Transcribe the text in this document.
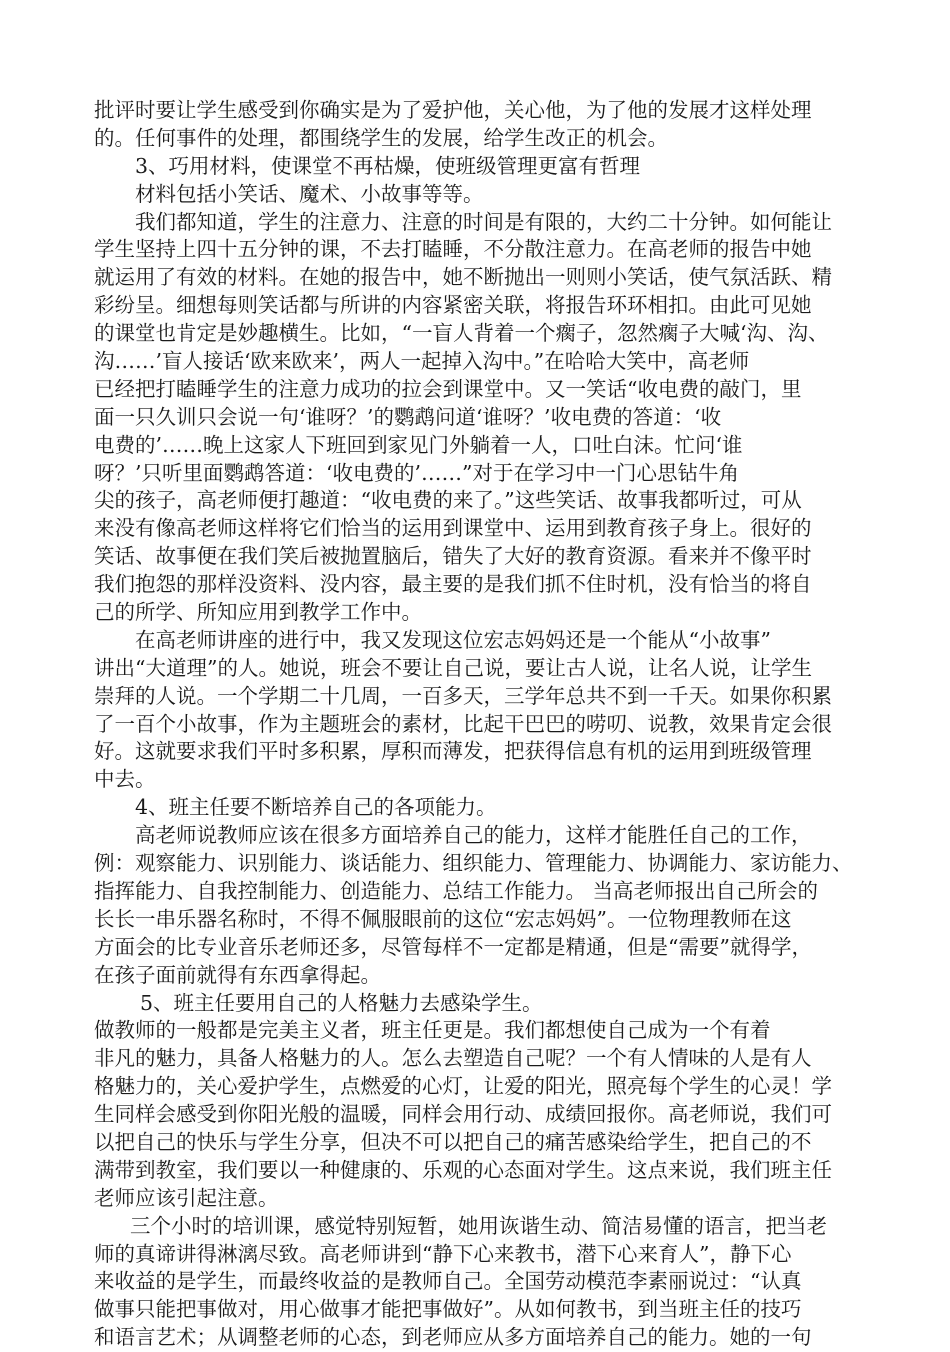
批评时要让学生感受到你确实是为了爱护他，关心他，为了他的发展才这样处理
的。任何事件的处理，都围绕学生的发展，给学生改正的机会。
3、巧用材料，使课堂不再枯燥，使班级管理更富有哲理
材料包括小笑话、魔术、小故事等等。
我们都知道，学生的注意力、注意的时间是有限的，大约二十分钟。如何能让
学生坚持上四十五分钟的课，不去打瞌睡，不分散注意力。在高老师的报告中她
就运用了有效的材料。在她的报告中，她不断抛出一则则小笑话，使气氛活跃、精
彩纷呈。细想每则笑话都与所讲的内容紧密关联，将报告环环相扣。由此可见她
的课堂也肯定是妙趣横生。比如，“一盲人背着一个瘸子，忽然瘸子大喊‘沟、沟、
沟……’盲人接话‘欧来欧来’，两人一起掉入沟中。”在哈哈大笑中，高老师
已经把打瞌睡学生的注意力成功的拉会到课堂中。又一笑话“收电费的敲门，里
面一只久训只会说一句‘谁呀？’的鹦鹉问道‘谁呀？’收电费的答道：‘收
电费的’……晚上这家人下班回到家见门外躺着一人，口吐白沫。忙问‘谁
呀？’只听里面鹦鹉答道：‘收电费的’……”对于在学习中一门心思钻牛角
尖的孩子，高老师便打趣道：“收电费的来了。”这些笑话、故事我都听过，可从
来没有像高老师这样将它们恰当的运用到课堂中、运用到教育孩子身上。很好的
笑话、故事便在我们笑后被抛置脑后，错失了大好的教育资源。看来并不像平时
我们抱怨的那样没资料、没内容，最主要的是我们抓不住时机，没有恰当的将自
己的所学、所知应用到教学工作中。
在高老师讲座的进行中，我又发现这位宏志妈妈还是一个能从“小故事”
讲出“大道理”的人。她说，班会不要让自己说，要让古人说，让名人说，让学生
崇拜的人说。一个学期二十几周，一百多天，三学年总共不到一千天。如果你积累
了一百个小故事，作为主题班会的素材，比起干巴巴的唠叨、说教，效果肯定会很
好。这就要求我们平时多积累，厚积而薄发，把获得信息有机的运用到班级管理
中去。
4、班主任要不断培养自己的各项能力。
高老师说教师应该在很多方面培养自己的能力，这样才能胜任自己的工作，
例：观察能力、识别能力、谈话能力、组织能力、管理能力、协调能力、家访能力、
指挥能力、自我控制能力、创造能力、总结工作能力。 当高老师报出自己所会的
长长一串乐器名称时，不得不佩服眼前的这位“宏志妈妈”。一位物理教师在这
方面会的比专业音乐老师还多，尽管每样不一定都是精通，但是“需要”就得学，
在孩子面前就得有东西拿得起。
5、班主任要用自己的人格魅力去感染学生。
做教师的一般都是完美主义者，班主任更是。我们都想使自己成为一个有着
非凡的魅力，具备人格魅力的人。怎么去塑造自己呢？一个有人情味的人是有人
格魅力的，关心爱护学生，点燃爱的心灯，让爱的阳光，照亮每个学生的心灵！学
生同样会感受到你阳光般的温暖，同样会用行动、成绩回报你。高老师说，我们可
以把自己的快乐与学生分享，但决不可以把自己的痛苦感染给学生，把自己的不
满带到教室，我们要以一种健康的、乐观的心态面对学生。这点来说，我们班主任
老师应该引起注意。
三个小时的培训课，感觉特别短暂，她用诙谐生动、简洁易懂的语言，把当老
师的真谛讲得淋漓尽致。高老师讲到“静下心来教书，潜下心来育人”，静下心
来收益的是学生，而最终收益的是教师自己。全国劳动模范李素丽说过：“认真
做事只能把事做对，用心做事才能把事做好”。从如何教书，到当班主任的技巧
和语言艺术；从调整老师的心态，到老师应从多方面培养自己的能力。她的一句
